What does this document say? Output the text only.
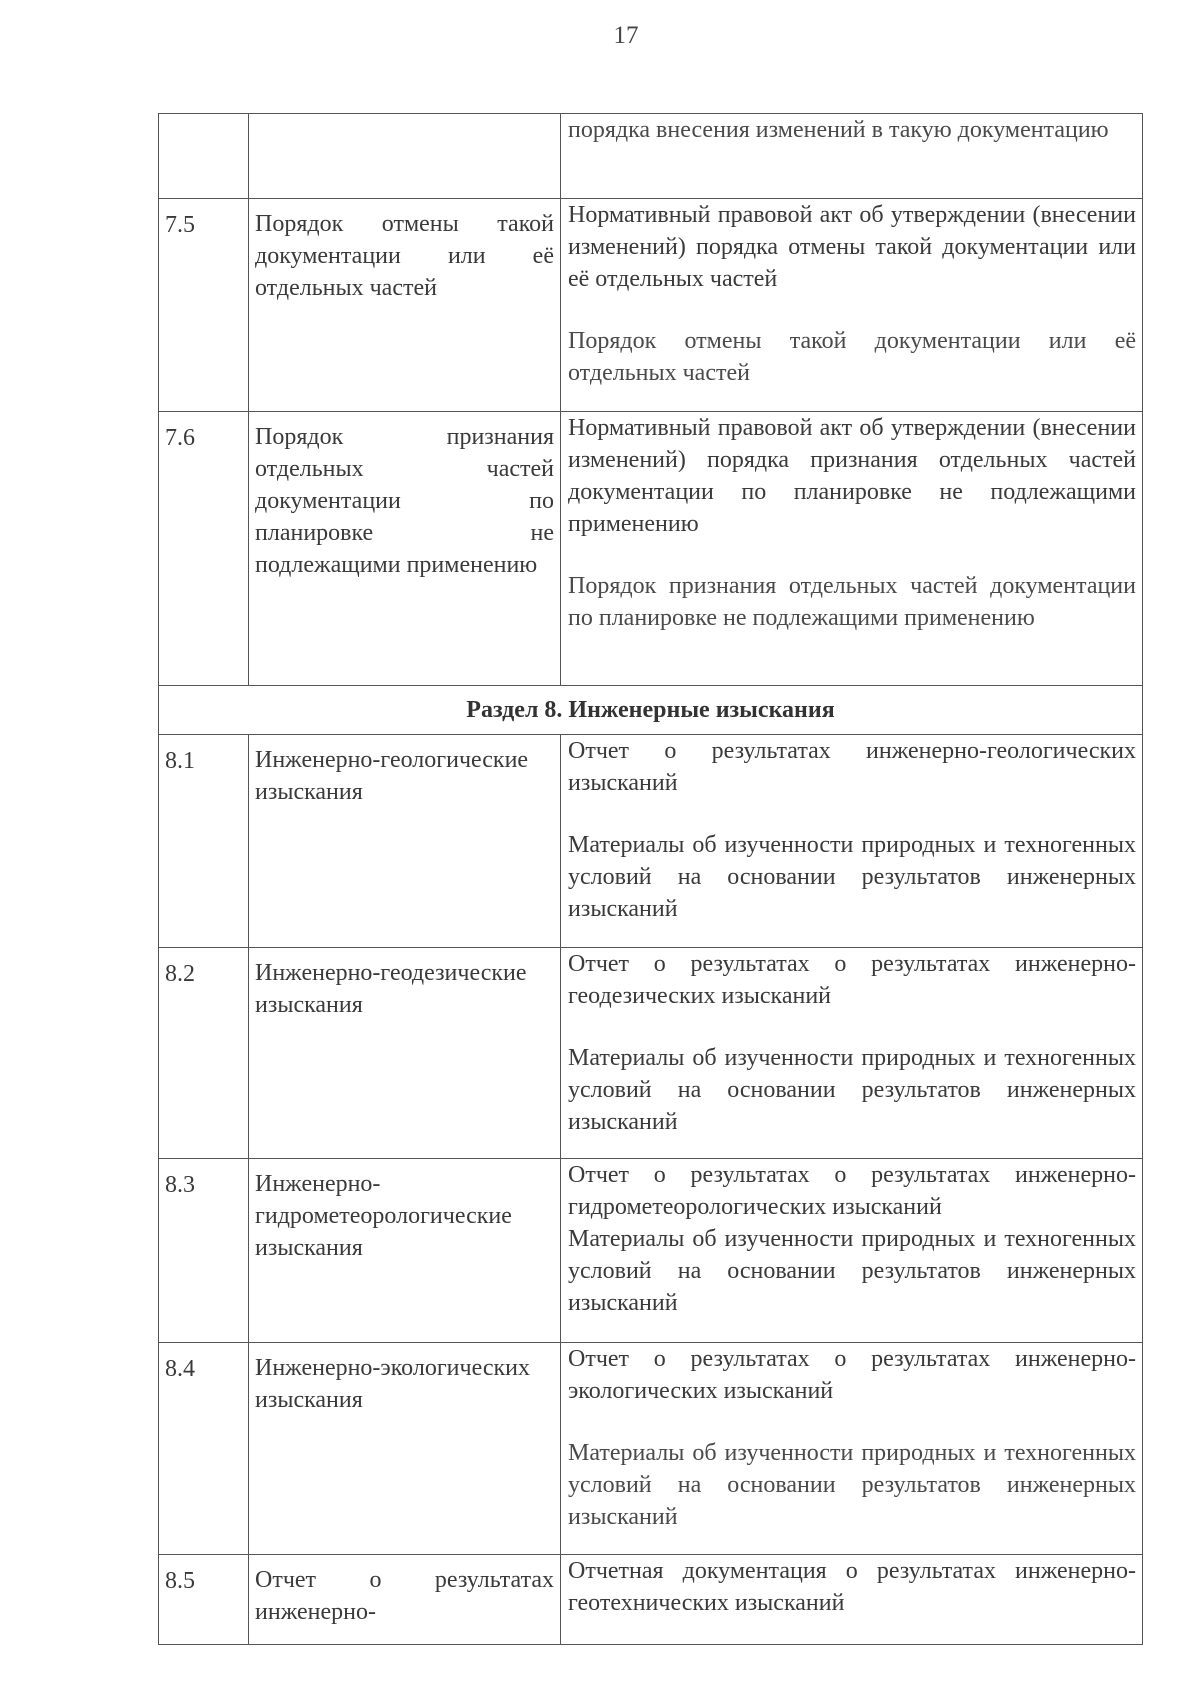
17

		порядка внесения изменений в такую документацию

7.5	Порядок отмены такой документации или её отдельных частей	Нормативный правовой акт об утверждении (внесении изменений) порядка отмены такой документации или её отдельных частей
Порядок отмены такой документации или её отдельных частей

7.6	Порядок признания отдельных частей документации по планировке не подлежащими применению	Нормативный правовой акт об утверждении (внесении изменений) порядка признания отдельных частей документации по планировке не подлежащими применению
Порядок признания отдельных частей документации по планировке не подлежащими применению

Раздел 8. Инженерные изыскания		

8.1	Инженерно-геологические изыскания	Отчет о результатах инженерно-геологических изысканий
Материалы об изученности природных и техногенных условий на основании результатов инженерных изысканий

8.2	Инженерно-геодезические изыскания	Отчет о результатах о результатах инженерно-геодезических изысканий
Материалы об изученности природных и техногенных условий на основании результатов инженерных изысканий

8.3	Инженерно-гидрометеорологические изыскания	Отчет о результатах о результатах инженерно-гидрометеорологических изысканий
Материалы об изученности природных и техногенных условий на основании результатов инженерных изысканий

8.4	Инженерно-экологических изыскания	Отчет о результатах о результатах инженерно-экологических изысканий
Материалы об изученности природных и техногенных условий на основании результатов инженерных изысканий

8.5	Отчет о результатах инженерно-	Отчетная документация о результатах инженерно-геотехнических изысканий
